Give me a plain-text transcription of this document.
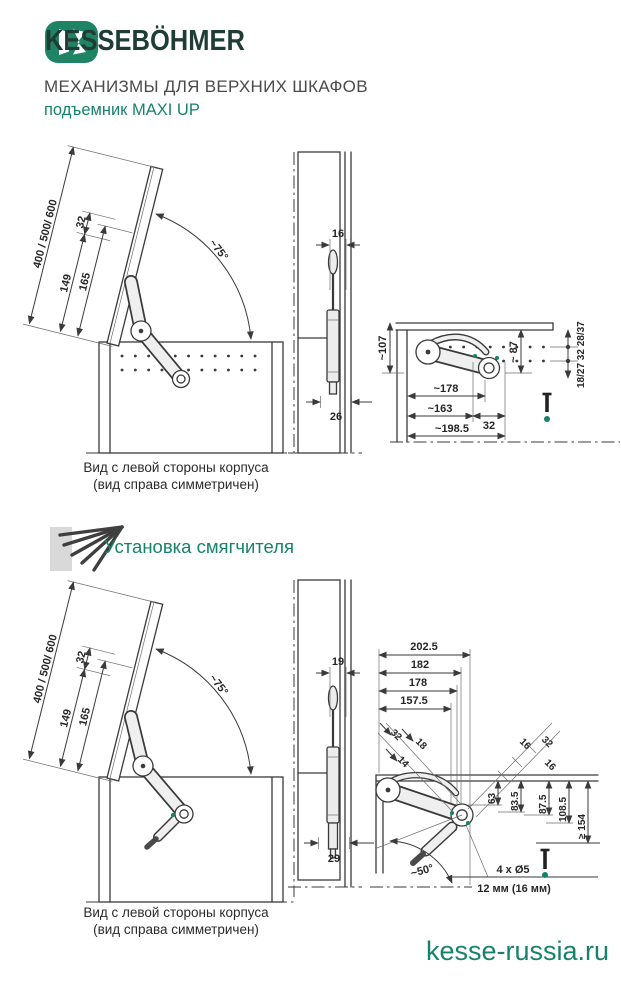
KESSEBÖHMER
МЕХАНИЗМЫ ДЛЯ ВЕРХНИХ ШКАФОВ
подъемник MAXI UP
165
149
32
400 / 500/ 600	~75°
16
26
~107	~ 87	18/27 32 28/37
~178
~163
32
~198.5
Вид с левой стороны корпуса
(вид справа симметричен)
Установка смягчителя
165
149
32
400 / 500/ 600	~75°
19
29
202.5
182
178
157.5
32
14
18	16 32
16
63 83.5 87.5 108.5
≥ 154
~50°	4 x Ø5
12 мм (16 мм)
Вид с левой стороны корпуса
(вид справа симметричен)
kesse-russia.ru
